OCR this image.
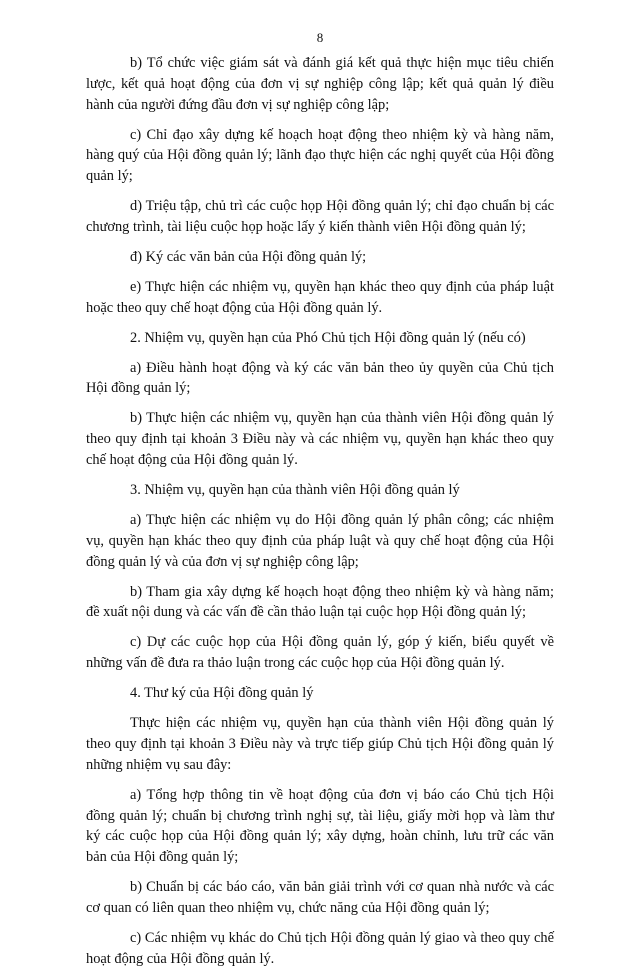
8

b) Tổ chức việc giám sát và đánh giá kết quả thực hiện mục tiêu chiến lược, kết quả hoạt động của đơn vị sự nghiệp công lập; kết quả quản lý điều hành của người đứng đầu đơn vị sự nghiệp công lập;

c) Chỉ đạo xây dựng kế hoạch hoạt động theo nhiệm kỳ và hàng năm, hàng quý của Hội đồng quản lý; lãnh đạo thực hiện các nghị quyết của Hội đồng quản lý;

d) Triệu tập, chủ trì các cuộc họp Hội đồng quản lý; chỉ đạo chuẩn bị các chương trình, tài liệu cuộc họp hoặc lấy ý kiến thành viên Hội đồng quản lý;

đ) Ký các văn bản của Hội đồng quản lý;

e) Thực hiện các nhiệm vụ, quyền hạn khác theo quy định của pháp luật hoặc theo quy chế hoạt động của Hội đồng quản lý.

2. Nhiệm vụ, quyền hạn của Phó Chủ tịch Hội đồng quản lý (nếu có)

a) Điều hành hoạt động và ký các văn bản theo ủy quyền của Chủ tịch Hội đồng quản lý;

b) Thực hiện các nhiệm vụ, quyền hạn của thành viên Hội đồng quản lý theo quy định tại khoản 3 Điều này và các nhiệm vụ, quyền hạn khác theo quy chế hoạt động của Hội đồng quản lý.

3. Nhiệm vụ, quyền hạn của thành viên Hội đồng quản lý

a) Thực hiện các nhiệm vụ do Hội đồng quản lý phân công; các nhiệm vụ, quyền hạn khác theo quy định của pháp luật và quy chế hoạt động của Hội đồng quản lý và của đơn vị sự nghiệp công lập;

b) Tham gia xây dựng kế hoạch hoạt động theo nhiệm kỳ và hàng năm; đề xuất nội dung và các vấn đề cần thảo luận tại cuộc họp Hội đồng quản lý;

c) Dự các cuộc họp của Hội đồng quản lý, góp ý kiến, biểu quyết về những vấn đề đưa ra thảo luận trong các cuộc họp của Hội đồng quản lý.

4. Thư ký của Hội đồng quản lý

Thực hiện các nhiệm vụ, quyền hạn của thành viên Hội đồng quản lý theo quy định tại khoản 3 Điều này và trực tiếp giúp Chủ tịch Hội đồng quản lý những nhiệm vụ sau đây:

a) Tổng hợp thông tin về hoạt động của đơn vị báo cáo Chủ tịch Hội đồng quản lý; chuẩn bị chương trình nghị sự, tài liệu, giấy mời họp và làm thư ký các cuộc họp của Hội đồng quản lý; xây dựng, hoàn chỉnh, lưu trữ các văn bản của Hội đồng quản lý;

b) Chuẩn bị các báo cáo, văn bản giải trình với cơ quan nhà nước và các cơ quan có liên quan theo nhiệm vụ, chức năng của Hội đồng quản lý;

c) Các nhiệm vụ khác do Chủ tịch Hội đồng quản lý giao và theo quy chế hoạt động của Hội đồng quản lý.
